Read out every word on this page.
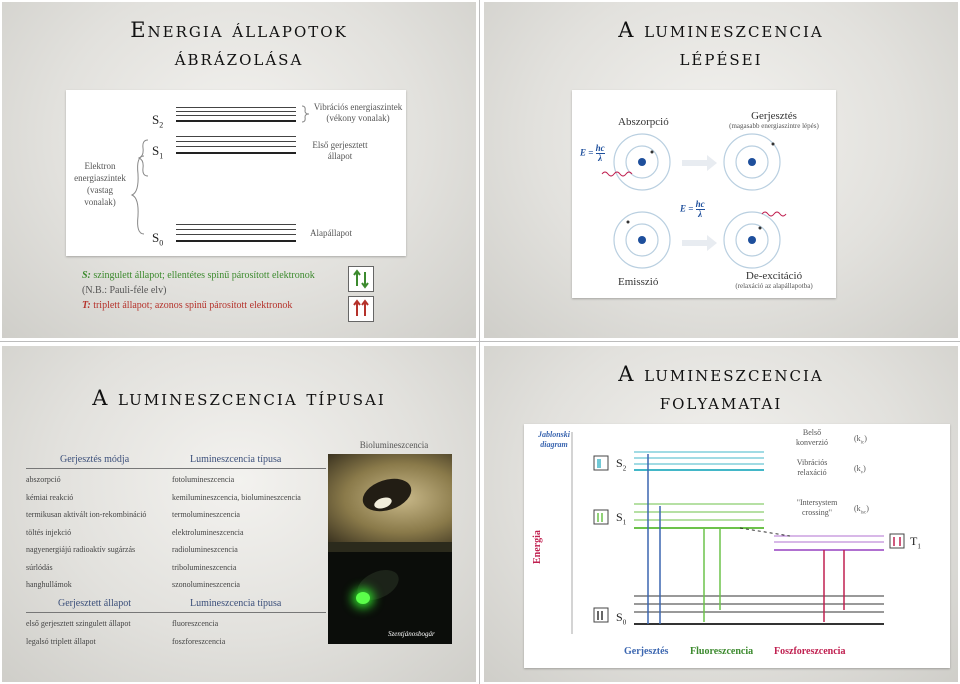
Energia állapotok
ábrázolása
Elektron
energiaszintek
(vastag
vonalak)
$S_2$
$S_1$
$S_0$
Vibrációs energiaszintek
(vékony vonalak)
Első gerjesztett
állapot
Alapállapot
S: szingulett állapot; ellentétes spinű párosított elektronok
(N.B.: Pauli-féle elv)
T: triplett állapot; azonos spinű párosított elektronok
A lumineszcencia
lépései
Abszorpció	Gerjesztés
(magasabb energiaszintre lépés)
$E = \frac{hc}{\lambda}$
$E = \frac{hc}{\lambda}$
Emisszió	De-excitáció
(relaxáció az alapállapotba)
A lumineszcencia típusai
Gerjesztés módja	Lumineszcencia típusa
abszorpció	fotolumineszcencia
kémiai reakció	kemilumineszcencia, biolumineszcencia
termikusan aktivált ion-rekombináció	termolumineszcencia
töltés injekció	elektrolumineszcencia
nagyenergiájú radioaktív sugárzás	radiolumineszcencia
súrlódás	tribolumineszcencia
hanghullámok	szonolumineszcencia
Gerjesztett állapot	Lumineszcencia típusa
első gerjesztett szingulett állapot	fluoreszcencia
legalsó triplett állapot	foszforeszcencia
Biolumineszcencia
Szentjánosbogár
A lumineszcencia
folyamatai
Jablonski
diagram
Energia
$S_2$
$S_1$
$S_0$
$T_1$
Belső
konverzió	$(k_{ic})$
Vibrációs
relaxáció	$(k_v)$
"Intersystem
crossing"	$(k_{isc})$
Gerjesztés Fluoreszcencia Foszforeszcencia
